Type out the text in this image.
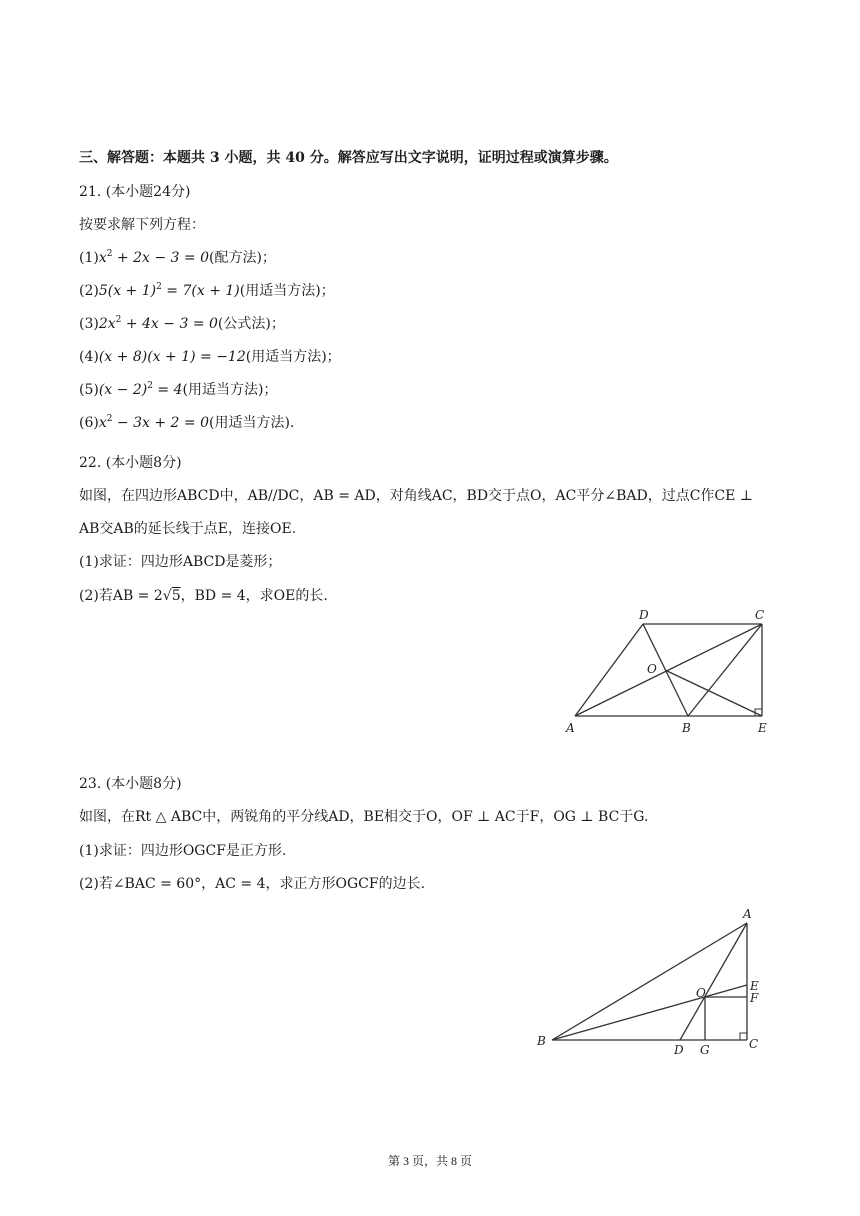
三、解答题：本题共 3 小题，共 40 分。解答应写出文字说明，证明过程或演算步骤。
21. (本小题24分)
按要求解下列方程：
$(1)x^2 + 2x - 3 = 0$(配方法)；
$(2)5(x + 1)^2 = 7(x + 1)$(用适当方法)；
$(3)2x^2 + 4x - 3 = 0$(公式法)；
(4)(x + 8)(x + 1) = −12(用适当方法)；
$(5)(x - 2)^2 = 4$(用适当方法)；
$(6)x^2 - 3x + 2 = 0$(用适当方法).
22. (本小题8分)
如图，在四边形ABCD中，AB//DC，AB = AD，对角线AC，BD交于点O，AC平分∠BAD，过点C作CE ⊥
AB交AB的延长线于点E，连接OE.
(1)求证：四边形ABCD是菱形；
(2)若AB = 2√5，BD = 4，求OE的长.
D	C
O
A	B	E
23. (本小题8分)
如图，在Rt △ ABC中，两锐角的平分线AD，BE相交于O，OF ⊥ AC于F，OG ⊥ BC于G.
(1)求证：四边形OGCF是正方形.
(2)若∠BAC = 60°，AC = 4，求正方形OGCF的边长.
A
E
F
O
B
D G	C
第 3 页，共 8 页
